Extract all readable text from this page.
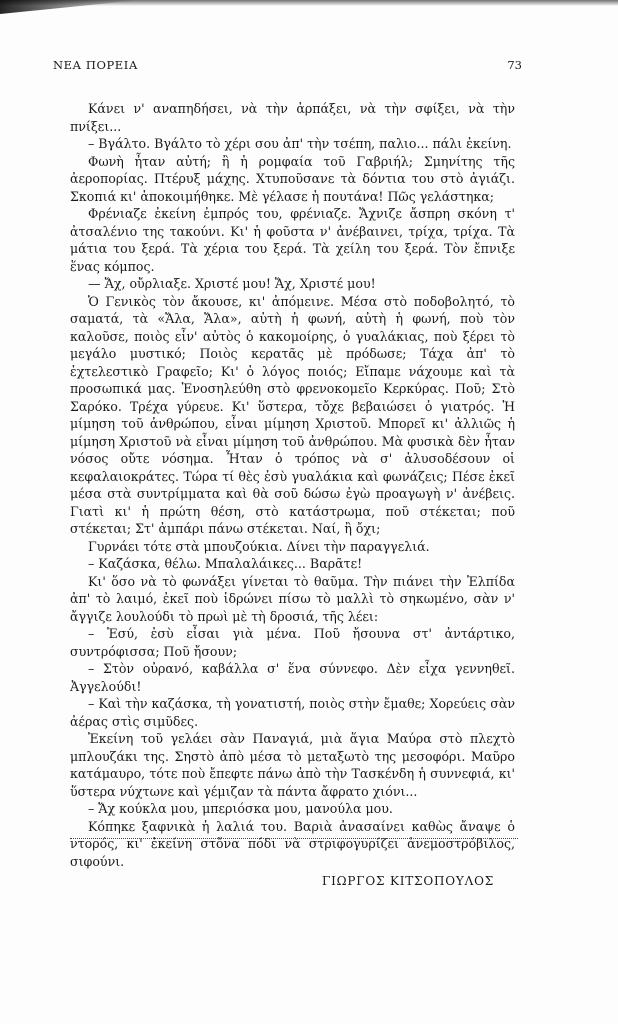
ΝΕΑ ΠΟΡΕΙΑ	73

Κάνει ν' αναπηδήσει, νὰ τὴν ἁρπάξει, νὰ τὴν σφίξει, νὰ τὴν πνίξει...

– Βγάλτο. Βγάλτο τὸ χέρι σου ἀπ' τὴν τσέπη, παλιο... πάλι ἐκείνη.

Φωνὴ ἦταν αὐτή; ἢ ἡ ρομφαία τοῦ Γαβριήλ; Σμηνίτης τῆς ἀεροπορίας. Πτέρυξ μάχης. Χτυποῦσανε τὰ δόντια του στὸ ἀγιάζι. Σκοπιά κι' ἀποκοιμήθηκε. Μὲ γέλασε ἡ πουτάνα! Πῶς γελάστηκα;

Φρένιαζε ἐκείνη ἐμπρός του, φρένιαζε. Ἄχνιζε ἄσπρη σκόνη τ' ἀτσαλένιο της τακούνι. Κι' ἡ φοῦστα ν' ἀνέβαινει, τρίχα, τρίχα. Τὰ μάτια του ξερά. Τὰ χέρια του ξερά. Τὰ χείλη του ξερά. Τὸν ἔπνιξε ἕνας κόμπος.

— Ἄχ, οὔρλιαξε. Χριστέ μου! Ἄχ, Χριστέ μου!

Ὁ Γενικὸς τὸν ἄκουσε, κι' ἀπόμεινε. Μέσα στὸ ποδοβολητό, τὸ σαματά, τὰ «Ἄλα, Ἄλα», αὐτὴ ἡ φωνή, αὐτὴ ἡ φωνή, ποὺ τὸν καλοῦσε, ποιὸς εἶν' αὐτὸς ὁ κακομοίρης, ὁ γυαλάκιας, ποὺ ξέρει τὸ μεγάλο μυστικό; Ποιὸς κερατᾶς μὲ πρόδωσε; Τάχα ἀπ' τὸ ἐχτελεστικὸ Γραφεῖο; Κι' ὁ λόγος ποιός; Εἴπαμε νάχουμε καὶ τὰ προσωπικά μας. Ἐνοσηλεύθη στὸ φρενοκομεῖο Κερκύρας. Ποῦ; Στὸ Σαρόκο. Τρέχα γύρευε. Κι' ὕστερα, τὄχε βεβαιώσει ὁ γιατρός. Ἡ μίμηση τοῦ ἀνθρώπου, εἶναι μίμηση Χριστοῦ. Μπορεῖ κι' ἀλλιῶς ἡ μίμηση Χριστοῦ νὰ εἶναι μίμηση τοῦ ἀνθρώπου. Μὰ φυσικὰ δὲν ἦταν νόσος οὔτε νόσημα. Ἦταν ὁ τρόπος νὰ σ' ἀλυσοδέσουν οἱ κεφαλαιοκράτες. Τώρα τί θὲς ἐσὺ γυαλάκια καὶ φωνάζεις; Πέσε ἐκεῖ μέσα στὰ συντρίμματα καὶ θὰ σοῦ δώσω ἐγὼ προαγωγὴ ν' ἀνέβεις. Γιατὶ κι' ἡ πρώτη θέση, στὸ κατάστρωμα, ποῦ στέκεται; ποῦ στέκεται; Στ' ἀμπάρι πάνω στέκεται. Ναί, ἢ ὄχι;

Γυρνάει τότε στὰ μπουζούκια. Δίνει τὴν παραγγελιά.

– Καζάσκα, θέλω. Μπαλαλάικες... Βαρᾶτε!

Κι' ὅσο νὰ τὸ φωνάξει γίνεται τὸ θαῦμα. Τὴν πιάνει τὴν Ἐλπίδα ἀπ' τὸ λαιμό, ἐκεῖ ποὺ ἱδρώνει πίσω τὸ μαλλὶ τὸ σηκωμένο, σὰν ν' ἄγγιζε λουλούδι τὸ πρωὶ μὲ τὴ δροσιά, τῆς λέει:

– Ἐσύ, ἐσὺ εἶσαι γιὰ μένα. Ποῦ ἤσουνα στ' ἀντάρτικο, συντρόφισσα; Ποῦ ἤσουν;

– Στὸν οὐρανό, καβάλλα σ' ἕνα σύννεφο. Δὲν εἶχα γεννηθεῖ. Ἀγγελούδι!

– Καὶ τὴν καζάσκα, τὴ γονατιστή, ποιὸς στὴν ἔμαθε; Χορεύεις σὰν ἀέρας στὶς σιμῦδες.

Ἐκείνη τοῦ γελάει σὰν Παναγιά, μιὰ ἅγια Μαύρα στὸ πλεχτὸ μπλουζάκι της. Σηστὸ ἀπὸ μέσα τὸ μεταξωτὸ της μεσοφόρι. Μαῦρο κατάμαυρο, τότε ποὺ ἔπεφτε πάνω ἀπὸ τὴν Τασκένδη ἡ συννεφιά, κι' ὕστερα νύχτωνε καὶ γέμιζαν τὰ πάντα ἄφρατο χιόνι...

– Ἄχ κούκλα μου, μπεριόσκα μου, μανούλα μου.

Κόπηκε ξαφνικὰ ἡ λαλιά του. Βαριὰ ἀνασαίνει καθὼς ἄναψε ὁ ντορός, κι' ἐκείνη στὄνα πόδι νὰ στριφογυρίζει ἀνεμοστρόβιλος, σιφούνι.

ΓΙΩΡΓΟΣ ΚΙΤΣΟΠΟΥΛΟΣ
